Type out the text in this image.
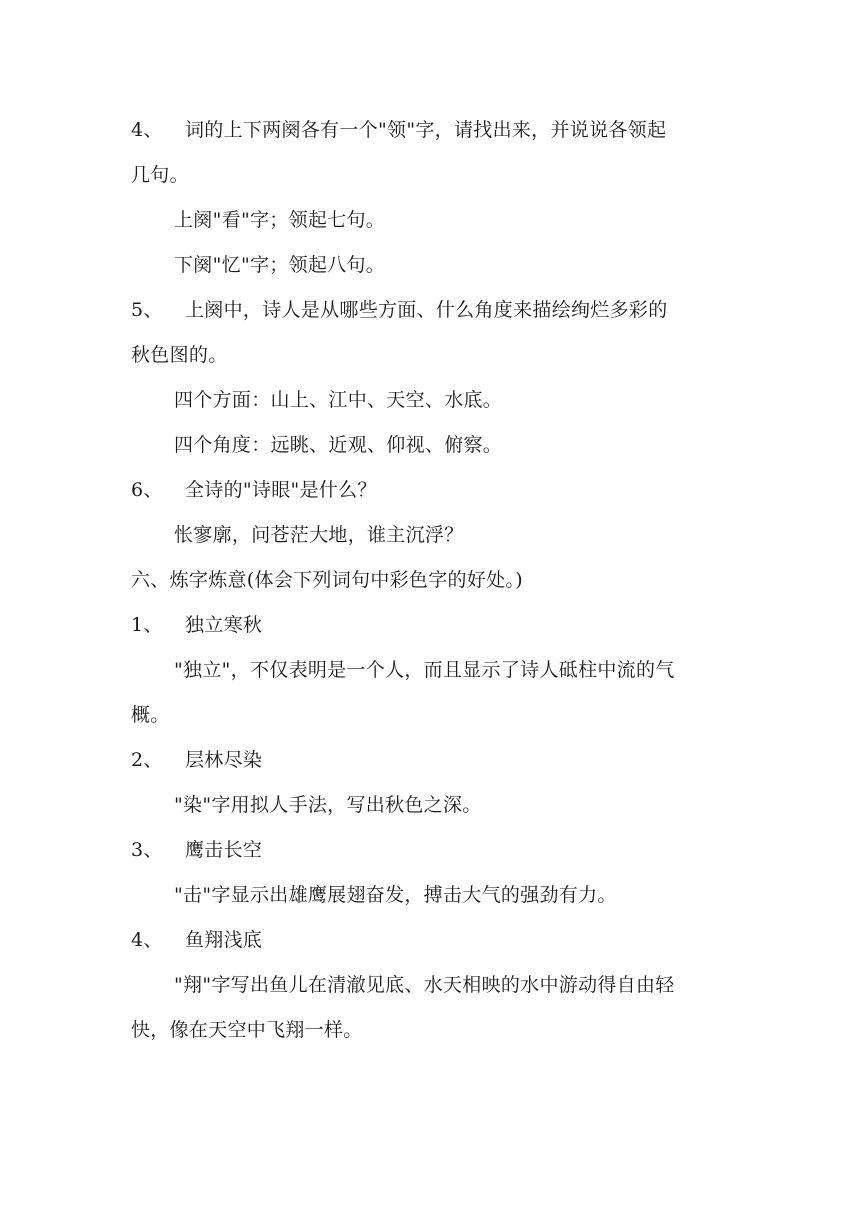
4、 词的上下两阕各有一个"领"字，请找出来，并说说各领起
几句。
上阕"看"字；领起七句。
下阕"忆"字；领起八句。
5、 上阕中，诗人是从哪些方面、什么角度来描绘绚烂多彩的
秋色图的。
四个方面：山上、江中、天空、水底。
四个角度：远眺、近观、仰视、俯察。
6、 全诗的"诗眼"是什么？
怅寥廓，问苍茫大地，谁主沉浮？
六、炼字炼意(体会下列词句中彩色字的好处。)
1、 独立寒秋
"独立"，不仅表明是一个人，而且显示了诗人砥柱中流的气
概。
2、 层林尽染
"染"字用拟人手法，写出秋色之深。
3、 鹰击长空
"击"字显示出雄鹰展翅奋发，搏击大气的强劲有力。
4、 鱼翔浅底
"翔"字写出鱼儿在清澈见底、水天相映的水中游动得自由轻
快，像在天空中飞翔一样。
